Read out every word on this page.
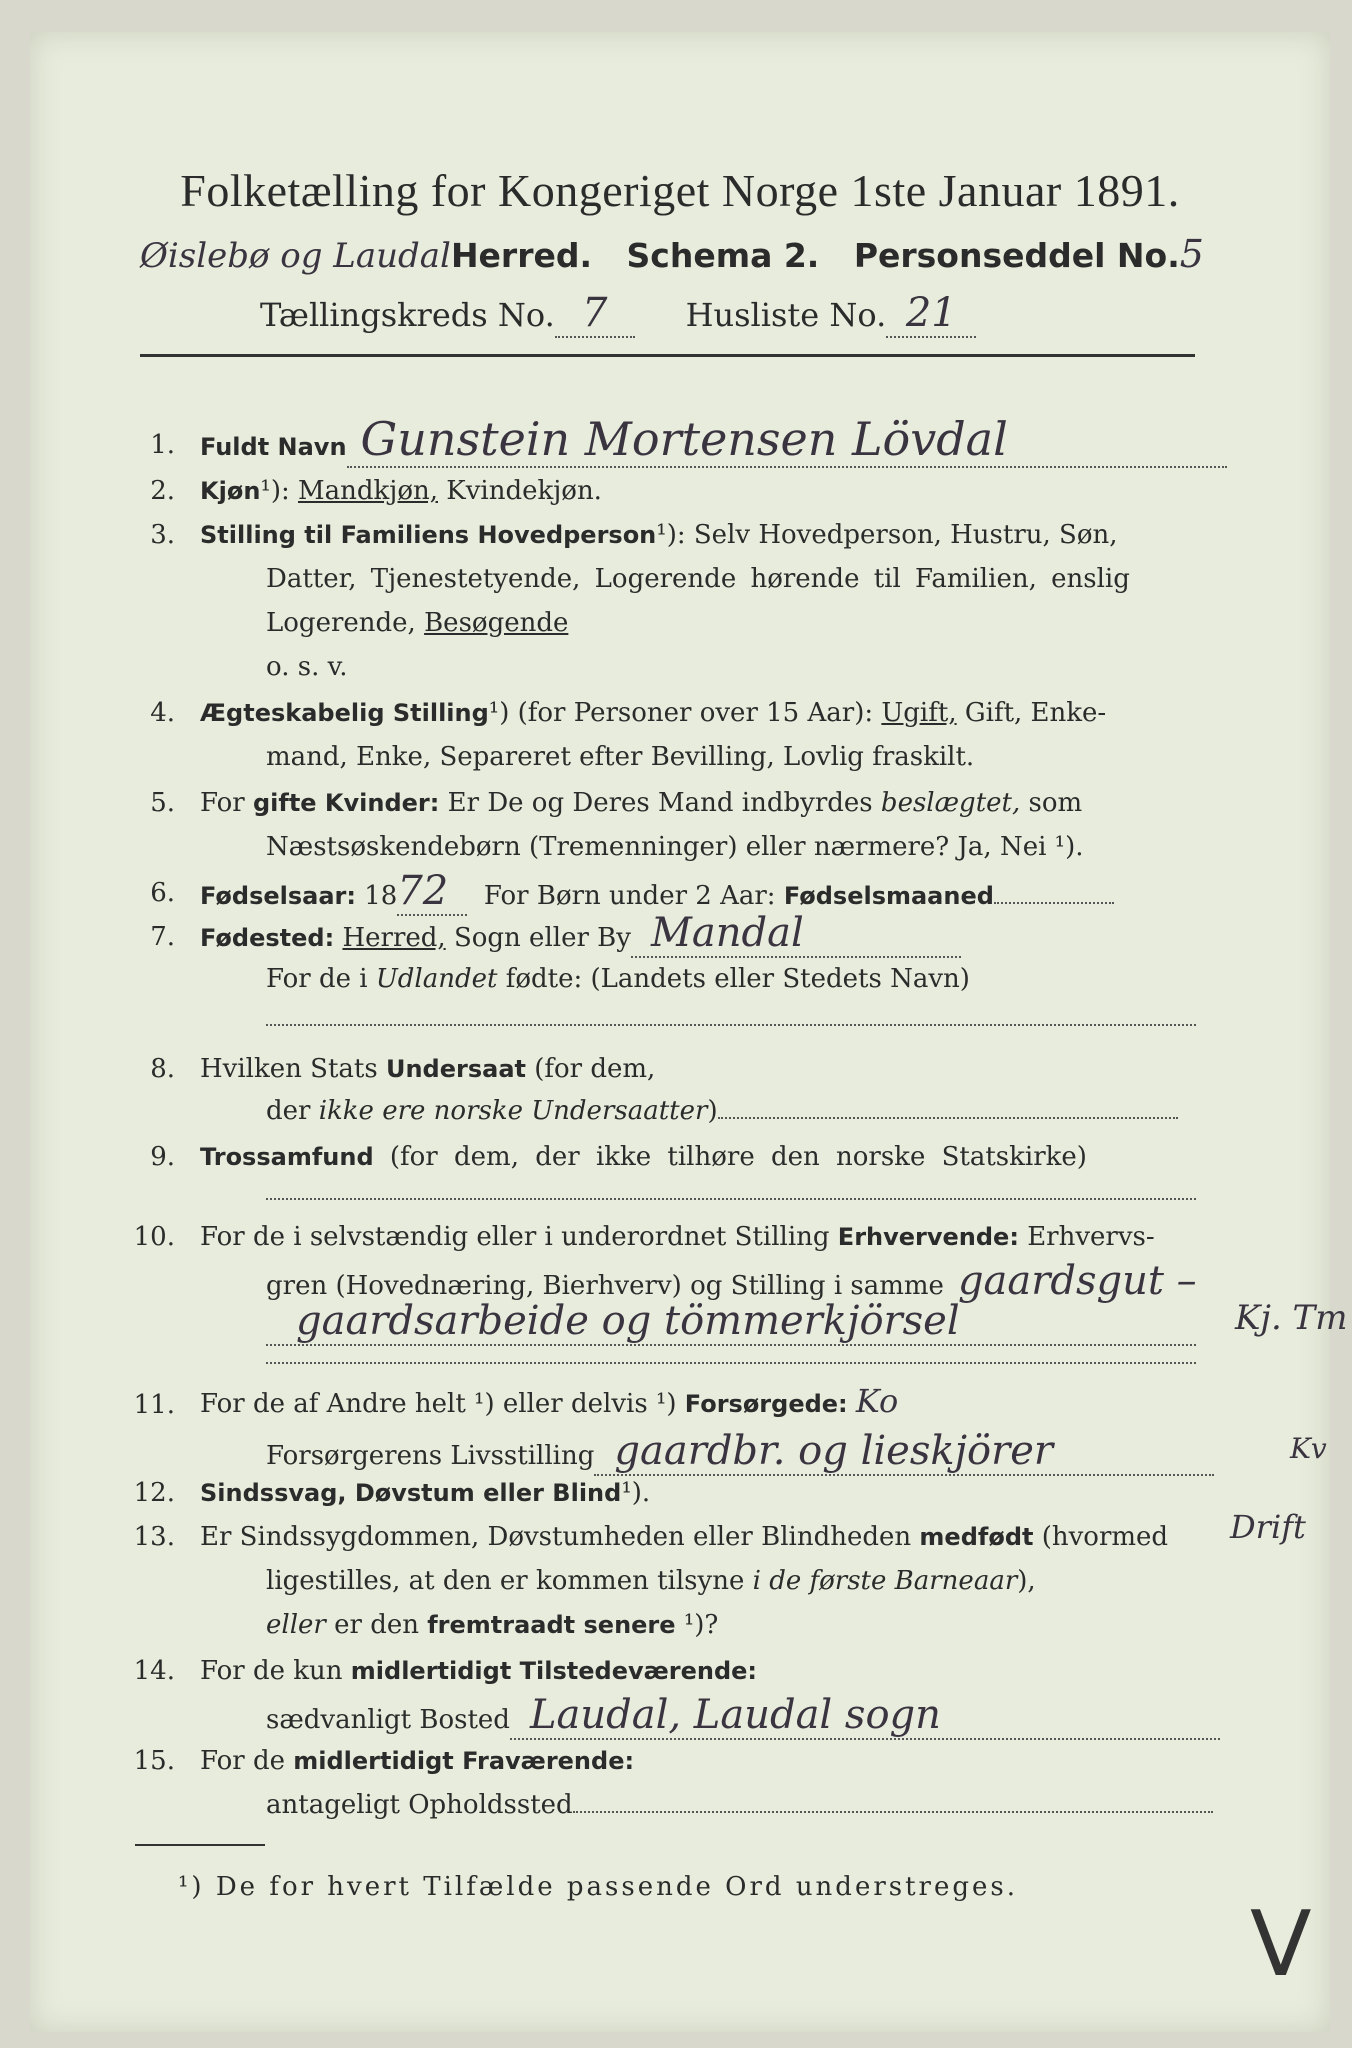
Folketælling for Kongeriget Norge 1ste Januar 1891.
Øislebø og LaudalHerred. Schema 2. Personseddel No.5
Tællingskreds No. 7 Husliste No. 21
1. Fuldt Navn Gunstein Mortensen Lövdal
2. Kjøn¹): Mandkjøn, Kvindekjøn.
3. Stilling til Familiens Hovedperson¹): Selv Hovedperson, Hustru, Søn,
Datter, Tjenestetyende, Logerende hørende til Familien, enslig
Logerende, Besøgende
o. s. v.
4. Ægteskabelig Stilling¹) (for Personer over 15 Aar): Ugift, Gift, Enke-
mand, Enke, Separeret efter Bevilling, Lovlig fraskilt.
5. For gifte Kvinder: Er De og Deres Mand indbyrdes beslægtet, som
Næstsøskendebørn (Tremenninger) eller nærmere? Ja, Nei ¹).
6. Fødselsaar: 1872 For Børn under 2 Aar: Fødselsmaaned
7. Fødested: Herred, Sogn eller By Mandal
For de i Udlandet fødte: (Landets eller Stedets Navn)
8. Hvilken Stats Undersaat (for dem,
der ikke ere norske Undersaatter)
9. Trossamfund (for dem, der ikke tilhøre den norske Statskirke)
10. For de i selvstændig eller i underordnet Stilling Erhvervende: Erhvervs-
gren (Hovednæring, Bierhverv) og Stilling i samme gaardsgut –
gaardsarbeide og tömmerkjörsel	Kj. Tm
11. For de af Andre helt ¹) eller delvis ¹) Forsørgede: Ko
Forsørgerens Livsstilling gaardbr. og lieskjörer	Kv
12. Sindssvag, Døvstum eller Blind¹).
13. Er Sindssygdommen, Døvstumheden eller Blindheden medfødt (hvormed Drift
ligestilles, at den er kommen tilsyne i de første Barneaar),
eller er den fremtraadt senere ¹)?
14. For de kun midlertidigt Tilstedeværende:
sædvanligt Bosted Laudal, Laudal sogn
15. For de midlertidigt Fraværende:
antageligt Opholdssted
¹) De for hvert Tilfælde passende Ord understreges.
V
